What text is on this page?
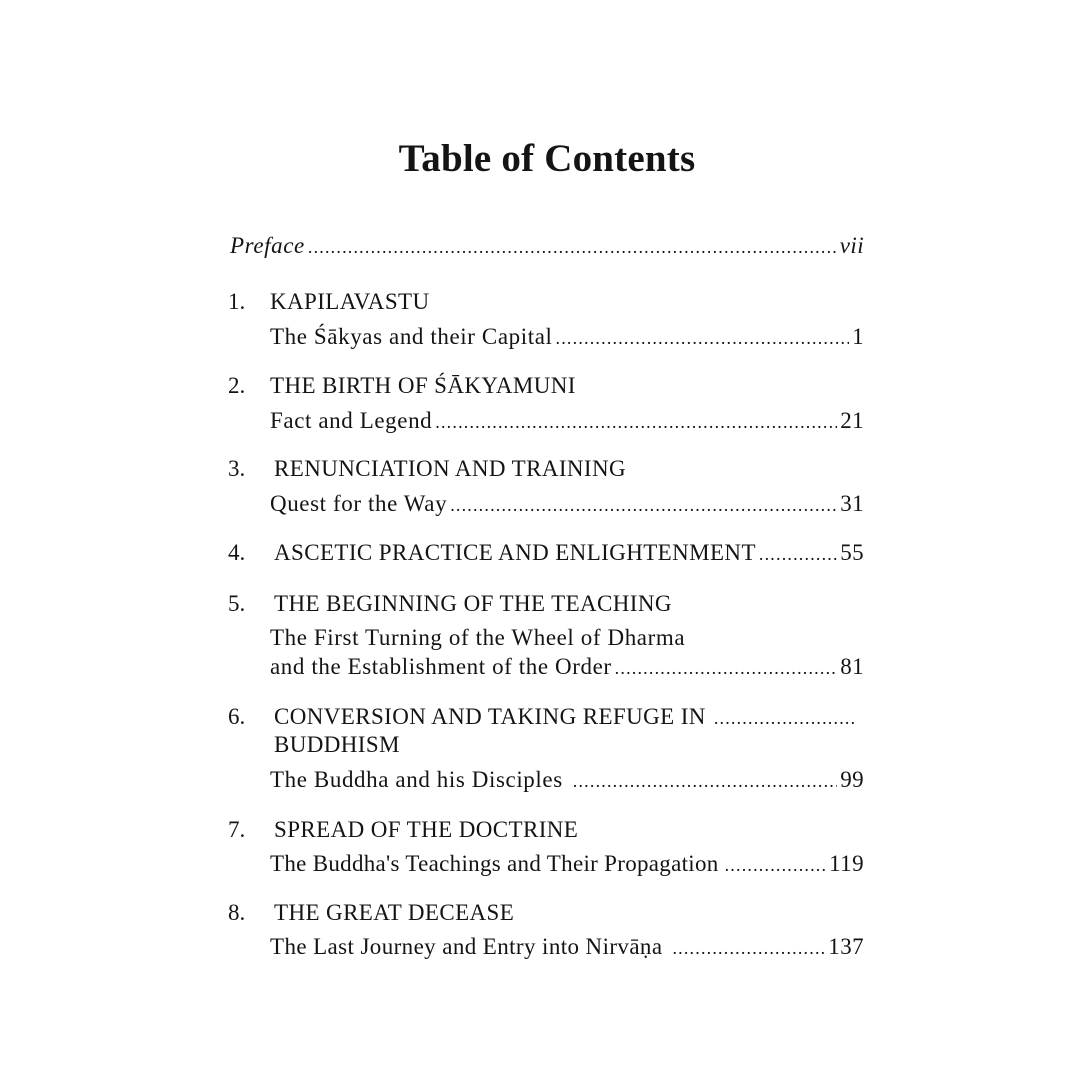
Table of Contents
Preface .....	vii
1.	KAPILAVASTU
The Śākyas and their Capital .....	1
2.	THE BIRTH OF ŚĀKYAMUNI
Fact and Legend .....	21
3.	RENUNCIATION AND TRAINING
Quest for the Way .....	31
4.	ASCETIC PRACTICE AND ENLIGHTENMENT .....	55
5.	THE BEGINNING OF THE TEACHING
The First Turning of the Wheel of Dharma
and the Establishment of the Order .....	81
6.	CONVERSION AND TAKING REFUGE IN
.....
BUDDHISM
The Buddha and his Disciples .....	99
7.	SPREAD OF THE DOCTRINE
The Buddha's Teachings and Their Propagation .....	119
8.	THE GREAT DECEASE
The Last Journey and Entry into Nirvāṇa .....	137
